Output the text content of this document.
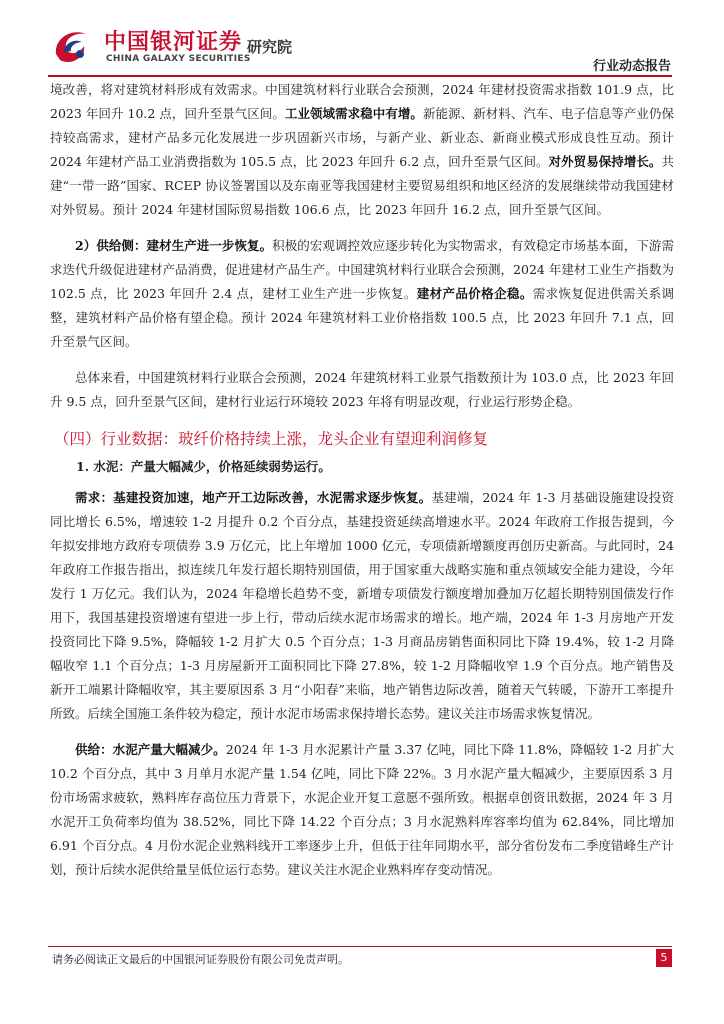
中国银河证券
CHINA GALAXY SECURITIES
研究院
行业动态报告

境改善，将对建筑材料形成有效需求。中国建筑材料行业联合会预测，2024 年建材投资需求指数 101.9 点，比 2023 年回升 10.2 点，回升至景气区间。工业领域需求稳中有增。新能源、新材料、汽车、电子信息等产业仍保持较高需求，建材产品多元化发展进一步巩固新兴市场，与新产业、新业态、新商业模式形成良性互动。预计 2024 年建材产品工业消费指数为 105.5 点，比 2023 年回升 6.2 点，回升至景气区间。对外贸易保持增长。共建“一带一路”国家、RCEP 协议签署国以及东南亚等我国建材主要贸易组织和地区经济的发展继续带动我国建材对外贸易。预计 2024 年建材国际贸易指数 106.6 点，比 2023 年回升 16.2 点，回升至景气区间。

2）供给侧：建材生产进一步恢复。积极的宏观调控效应逐步转化为实物需求，有效稳定市场基本面，下游需求迭代升级促进建材产品消费，促进建材产品生产。中国建筑材料行业联合会预测，2024 年建材工业生产指数为 102.5 点，比 2023 年回升 2.4 点，建材工业生产进一步恢复。建材产品价格企稳。需求恢复促进供需关系调整，建筑材料产品价格有望企稳。预计 2024 年建筑材料工业价格指数 100.5 点，比 2023 年回升 7.1 点，回升至景气区间。

总体来看，中国建筑材料行业联合会预测，2024 年建筑材料工业景气指数预计为 103.0 点，比 2023 年回升 9.5 点，回升至景气区间，建材行业运行环境较 2023 年将有明显改观，行业运行形势企稳。

（四）行业数据：玻纤价格持续上涨，龙头企业有望迎利润修复
1. 水泥：产量大幅减少，价格延续弱势运行。

需求：基建投资加速，地产开工边际改善，水泥需求逐步恢复。基建端，2024 年 1-3 月基础设施建设投资同比增长 6.5%，增速较 1-2 月提升 0.2 个百分点，基建投资延续高增速水平。2024 年政府工作报告提到，今年拟安排地方政府专项债券 3.9 万亿元，比上年增加 1000 亿元，专项债新增额度再创历史新高。与此同时，24 年政府工作报告指出，拟连续几年发行超长期特别国债，用于国家重大战略实施和重点领域安全能力建设，今年发行 1 万亿元。我们认为，2024 年稳增长趋势不变，新增专项债发行额度增加叠加万亿超长期特别国债发行作用下，我国基建投资增速有望进一步上行，带动后续水泥市场需求的增长。地产端，2024 年 1-3 月房地产开发投资同比下降 9.5%，降幅较 1-2 月扩大 0.5 个百分点；1-3 月商品房销售面积同比下降 19.4%，较 1-2 月降幅收窄 1.1 个百分点；1-3 月房屋新开工面积同比下降 27.8%，较 1-2 月降幅收窄 1.9 个百分点。地产销售及新开工端累计降幅收窄，其主要原因系 3 月“小阳春”来临，地产销售边际改善，随着天气转暖，下游开工率提升所致。后续全国施工条件较为稳定，预计水泥市场需求保持增长态势。建议关注市场需求恢复情况。

供给：水泥产量大幅减少。2024 年 1-3 月水泥累计产量 3.37 亿吨，同比下降 11.8%，降幅较 1-2 月扩大 10.2 个百分点，其中 3 月单月水泥产量 1.54 亿吨，同比下降 22%。3 月水泥产量大幅减少，主要原因系 3 月份市场需求疲软，熟料库存高位压力背景下，水泥企业开复工意愿不强所致。根据卓创资讯数据，2024 年 3 月水泥开工负荷率均值为 38.52%，同比下降 14.22 个百分点；3 月水泥熟料库容率均值为 62.84%，同比增加 6.91 个百分点。4 月份水泥企业熟料线开工率逐步上升，但低于往年同期水平，部分省份发布二季度错峰生产计划，预计后续水泥供给量呈低位运行态势。建议关注水泥企业熟料库存变动情况。

请务必阅读正文最后的中国银河证券股份有限公司免责声明。	5
